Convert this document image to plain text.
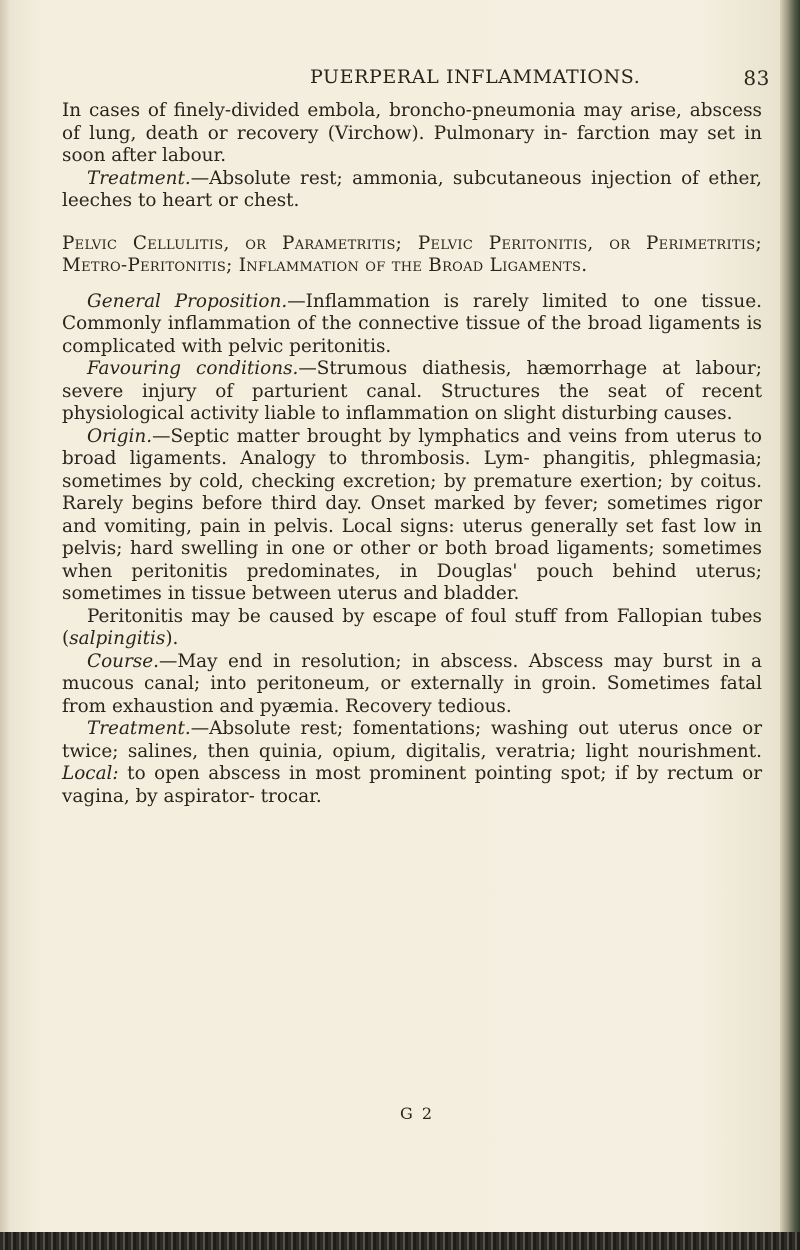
PUERPERAL INFLAMMATIONS.	83

In cases of finely-divided embola, broncho-pneumonia may arise, abscess of lung, death or recovery (Virchow). Pulmonary in- farction may set in soon after labour.

Treatment.—Absolute rest; ammonia, subcutaneous injection of ether, leeches to heart or chest.

Pelvic Cellulitis, or Parametritis; Pelvic Peritonitis, or Perimetritis; Metro-Peritonitis; Inflammation of the Broad Ligaments.

General Proposition.—Inflammation is rarely limited to one tissue. Commonly inflammation of the connective tissue of the broad ligaments is complicated with pelvic peritonitis.

Favouring conditions.—Strumous diathesis, hæmorrhage at labour; severe injury of parturient canal. Structures the seat of recent physiological activity liable to inflammation on slight disturbing causes.

Origin.—Septic matter brought by lymphatics and veins from uterus to broad ligaments. Analogy to thrombosis. Lym- phangitis, phlegmasia; sometimes by cold, checking excretion; by premature exertion; by coitus. Rarely begins before third day. Onset marked by fever; sometimes rigor and vomiting, pain in pelvis. Local signs: uterus generally set fast low in pelvis; hard swelling in one or other or both broad ligaments; sometimes when peritonitis predominates, in Douglas' pouch behind uterus; sometimes in tissue between uterus and bladder.

Peritonitis may be caused by escape of foul stuff from Fallopian tubes (salpingitis).

Course.—May end in resolution; in abscess. Abscess may burst in a mucous canal; into peritoneum, or externally in groin. Sometimes fatal from exhaustion and pyæmia. Recovery tedious.

Treatment.—Absolute rest; fomentations; washing out uterus once or twice; salines, then quinia, opium, digitalis, veratria; light nourishment. Local: to open abscess in most prominent pointing spot; if by rectum or vagina, by aspirator- trocar.

G 2
